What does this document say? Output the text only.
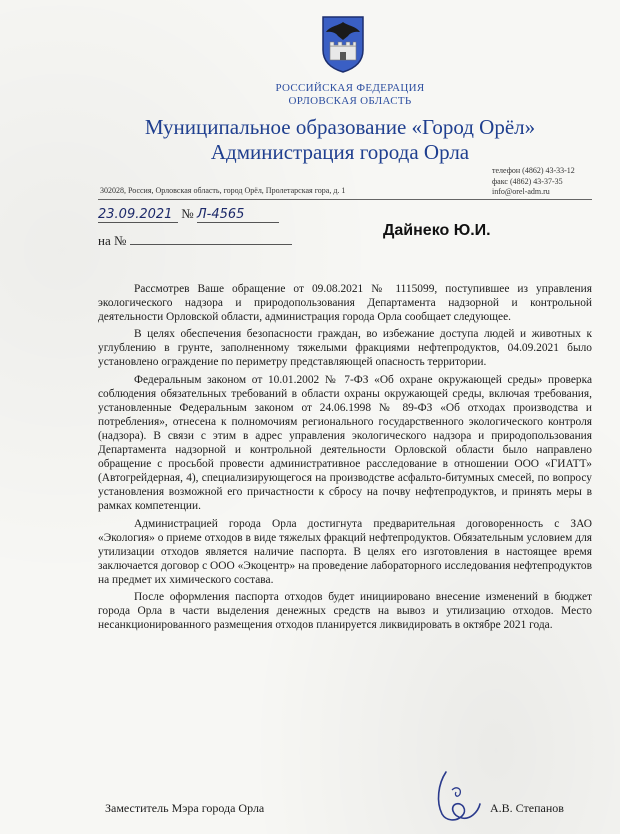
РОССИЙСКАЯ ФЕДЕРАЦИЯ
ОРЛОВСКАЯ ОБЛАСТЬ
Муниципальное образование «Город Орёл»
Администрация города Орла
телефон (4862) 43-33-12
факс (4862) 43-37-35
info@orel-adm.ru
302028, Россия, Орловская область, город Орёл, Пролетарская гора, д. 1
23.09.2021 № Л-4565
на №
Дайнеко Ю.И.

Рассмотрев Ваше обращение от 09.08.2021 № 1115099, поступившее из управления экологического надзора и природопользования Департамента надзорной и контрольной деятельности Орловской области, администрация города Орла сообщает следующее.

В целях обеспечения безопасности граждан, во избежание доступа людей и животных к углублению в грунте, заполненному тяжелыми фракциями нефтепродуктов, 04.09.2021 было установлено ограждение по периметру представляющей опасность территории.

Федеральным законом от 10.01.2002 № 7-ФЗ «Об охране окружающей среды» проверка соблюдения обязательных требований в области охраны окружающей среды, включая требования, установленные Федеральным законом от 24.06.1998 № 89-ФЗ «Об отходах производства и потребления», отнесена к полномочиям регионального государственного экологического контроля (надзора). В связи с этим в адрес управления экологического надзора и природопользования Департамента надзорной и контрольной деятельности Орловской области было направлено обращение с просьбой провести административное расследование в отношении ООО «ГИАТТ» (Автогрейдерная, 4), специализирующегося на производстве асфальто-битумных смесей, по вопросу установления возможной его причастности к сбросу на почву нефтепродуктов, и принять меры в рамках компетенции.

Администрацией города Орла достигнута предварительная договоренность с ЗАО «Экология» о приеме отходов в виде тяжелых фракций нефтепродуктов. Обязательным условием для утилизации отходов является наличие паспорта. В целях его изготовления в настоящее время заключается договор с ООО «Экоцентр» на проведение лабораторного исследования нефтепродуктов на предмет их химического состава.

После оформления паспорта отходов будет инициировано внесение изменений в бюджет города Орла в части выделения денежных средств на вывоз и утилизацию отходов. Место несанкционированного размещения отходов планируется ликвидировать в октябре 2021 года.

Заместитель Мэра города Орла	А.В. Степанов
